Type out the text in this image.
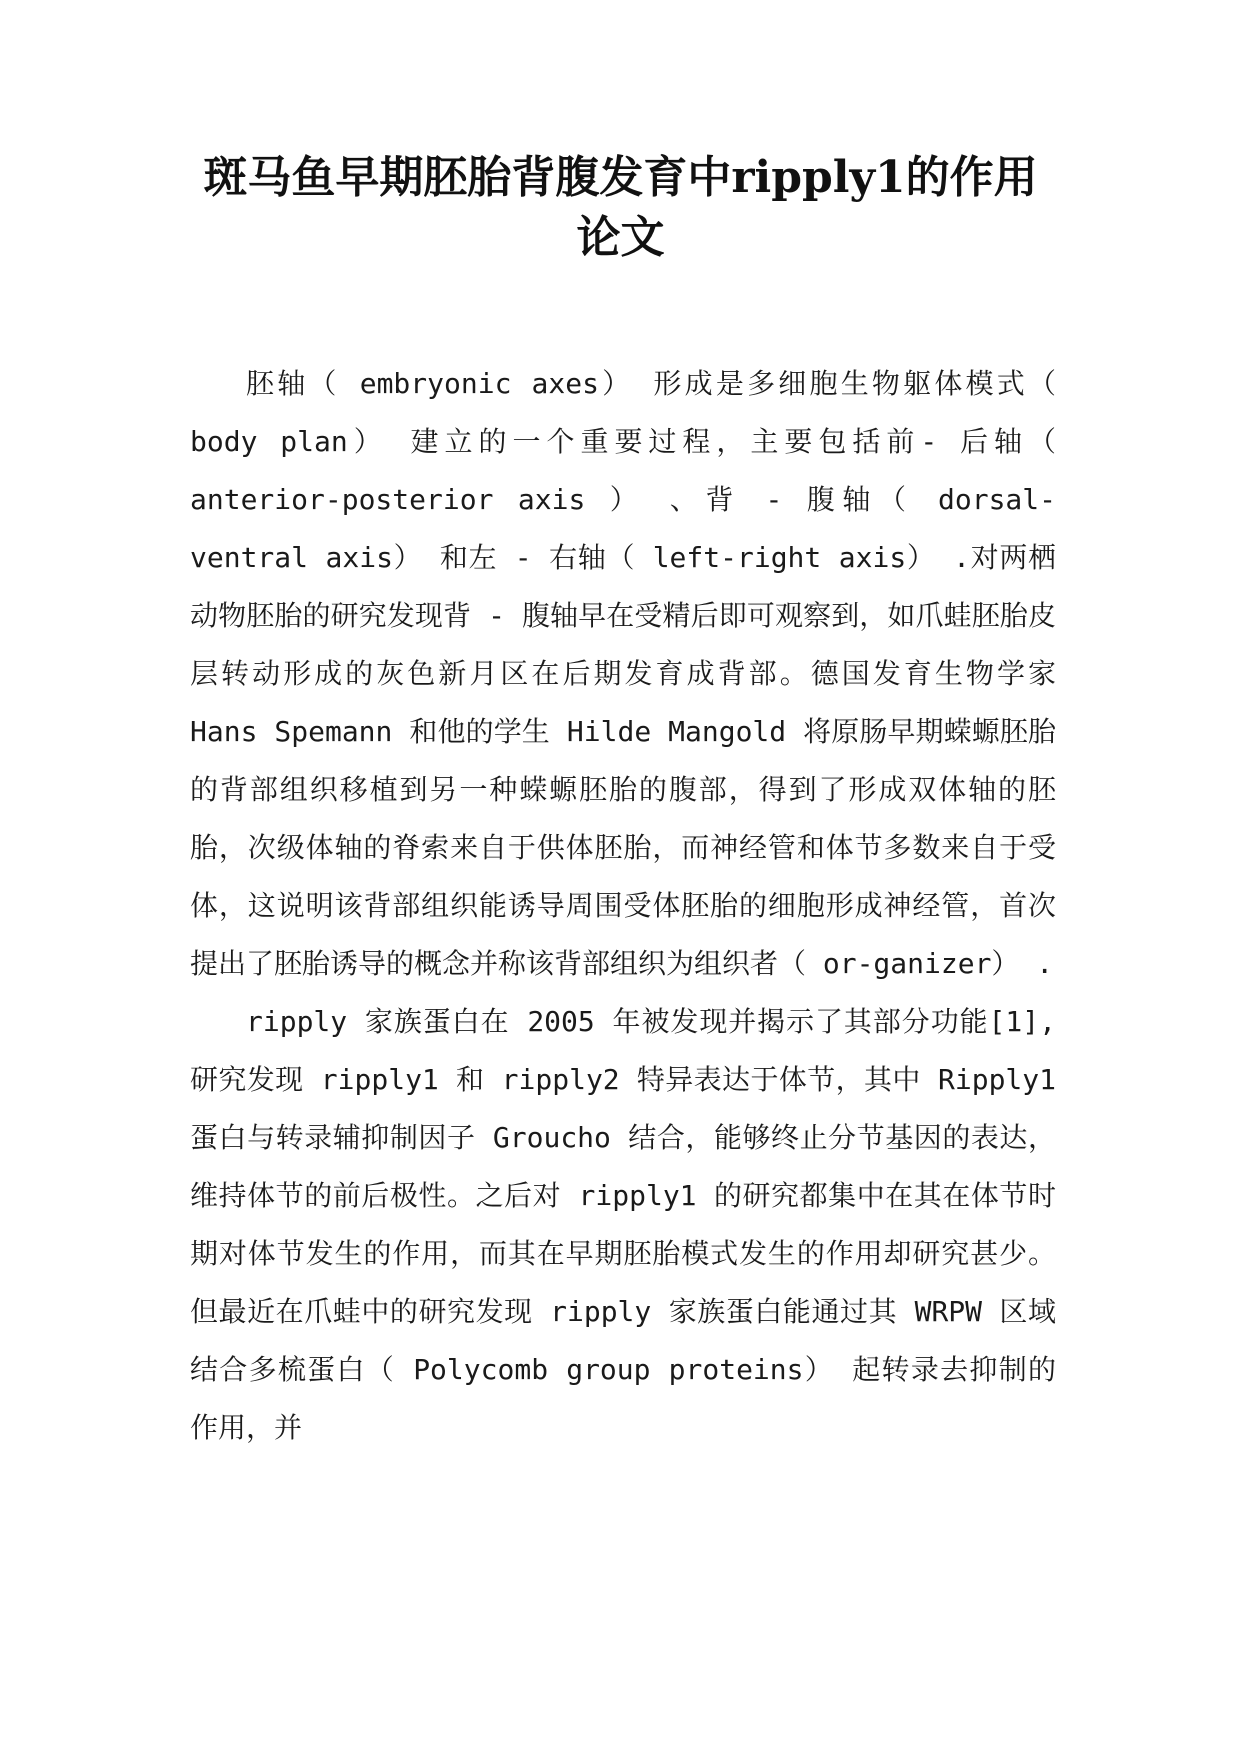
斑马鱼早期胚胎背腹发育中ripply1的作用
论文

胚轴（ embryonic axes） 形成是多细胞生物躯体模式（ body plan） 建立的一个重要过程，主要包括前- 后轴（ anterior-posterior axis ） 、背 - 腹轴（ dorsal-ventral axis） 和左 - 右轴（ left-right axis） .对两栖动物胚胎的研究发现背 - 腹轴早在受精后即可观察到，如爪蛙胚胎皮层转动形成的灰色新月区在后期发育成背部。德国发育生物学家 Hans Spemann 和他的学生 Hilde Mangold 将原肠早期蝾螈胚胎的背部组织移植到另一种蝾螈胚胎的腹部，得到了形成双体轴的胚胎，次级体轴的脊索来自于供体胚胎，而神经管和体节多数来自于受体，这说明该背部组织能诱导周围受体胚胎的细胞形成神经管，首次提出了胚胎诱导的概念并称该背部组织为组织者（ or-ganizer） .

ripply 家族蛋白在 2005 年被发现并揭示了其部分功能[1],研究发现 ripply1 和 ripply2 特异表达于体节，其中 Ripply1 蛋白与转录辅抑制因子 Groucho 结合，能够终止分节基因的表达，维持体节的前后极性。之后对 ripply1 的研究都集中在其在体节时期对体节发生的作用，而其在早期胚胎模式发生的作用却研究甚少。但最近在爪蛙中的研究发现 ripply 家族蛋白能通过其 WRPW 区域结合多梳蛋白（ Polycomb group proteins） 起转录去抑制的作用，并
